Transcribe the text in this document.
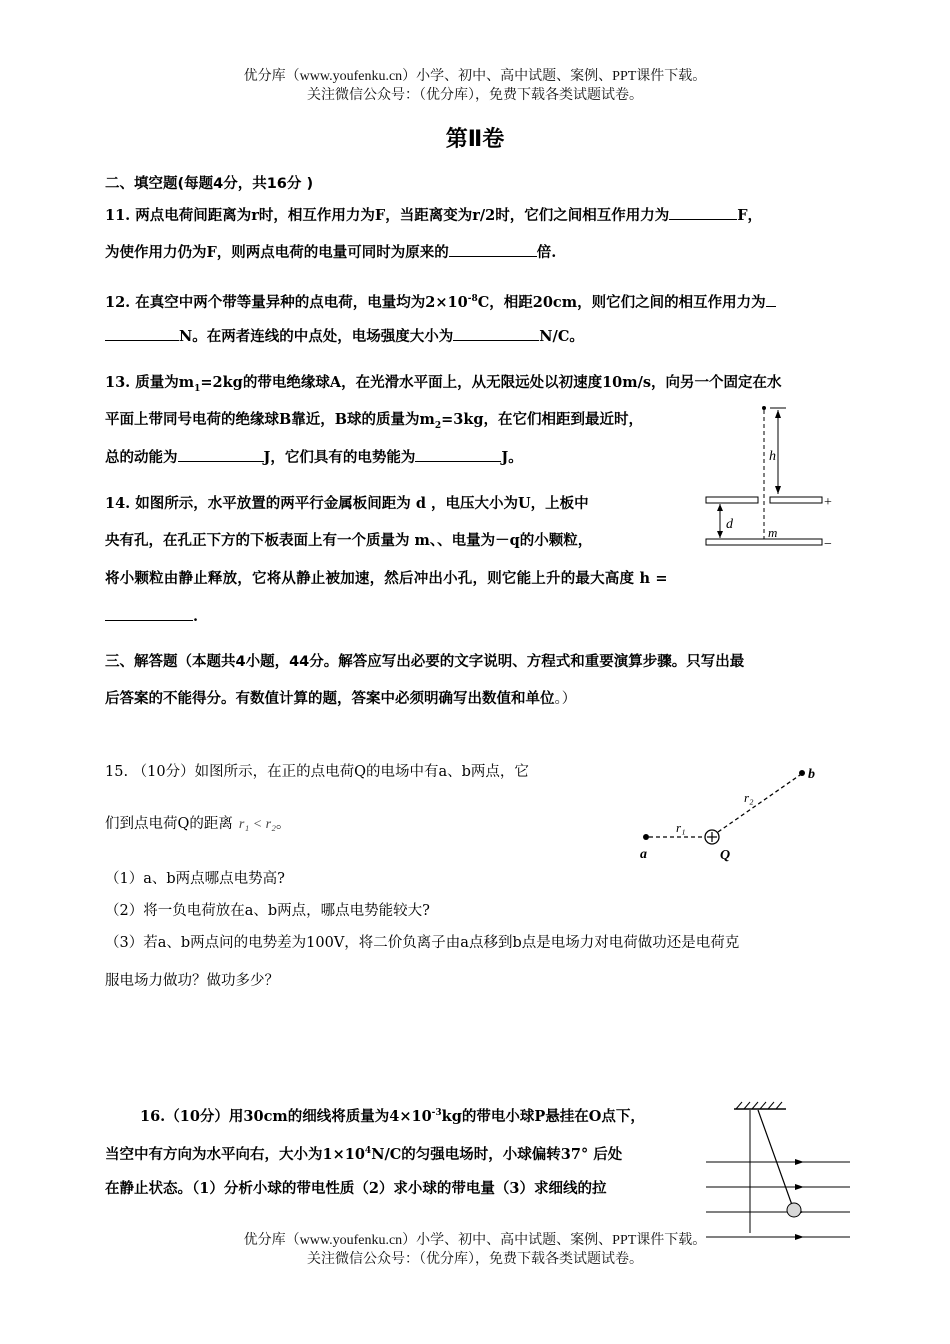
优分库（www.youfenku.cn）小学、初中、高中试题、案例、PPT课件下载。
关注微信公众号：（优分库），免费下载各类试题试卷。
第Ⅱ卷
二、填空题(每题4分，共16分 )
11. 两点电荷间距离为r时，相互作用力为F，当距离变为r/2时，它们之间相互作用力为	F，
为使作用力仍为F，则两点电荷的电量可同时为原来的	倍.
12. 在真空中两个带等量异种的点电荷，电量均为$2\times 10^{-8}C$，相距20cm，则它们之间的相互作用力为
N。在两者连线的中点处，电场强度大小为	N/C。
13. 质量为$m_1=2kg$的带电绝缘球A，在光滑水平面上，从无限远处以初速度10m/s，向另一个固定在水
平面上带同号电荷的绝缘球B靠近，B球的质量为$m_2=3kg$，在它们相距到最近时，
总的动能为	J，它们具有的电势能为	J。
14. 如图所示，水平放置的两平行金属板间距为 d ，电压大小为U，上板中
央有孔，在孔正下方的下板表面上有一个质量为 m、、电量为－q的小颗粒，
将小颗粒由静止释放，它将从静止被加速，然后冲出小孔，则它能上升的最大高度 h =
.
h
+
−
d
m
三、解答题（本题共4小题，44分。解答应写出必要的文字说明、方程式和重要演算步骤。只写出最
后答案的不能得分。有数值计算的题，答案中必须明确写出数值和单位。）
15. （10分）如图所示，在正的点电荷Q的电场中有a、b两点，它
们到点电荷Q的距离 r₁ < r₂。
（1）a、b两点哪点电势高?
（2）将一负电荷放在a、b两点，哪点电势能较大?
（3）若a、b两点问的电势差为100V，将二价负离子由a点移到b点是电场力对电荷做功还是电荷克
服电场力做功？做功多少？
a
b
Q
r₁
r₂
16.（10分）用30cm的细线将质量为$4\times 10^{-3}kg$的带电小球P悬挂在O点下，
当空中有方向为水平向右，大小为$1\times 10^4N/C$的匀强电场时，小球偏转37° 后处
在静止状态。（1）分析小球的带电性质（2）求小球的带电量（3）求细线的拉
优分库（www.youfenku.cn）小学、初中、高中试题、案例、PPT课件下载。
关注微信公众号：（优分库），免费下载各类试题试卷。
